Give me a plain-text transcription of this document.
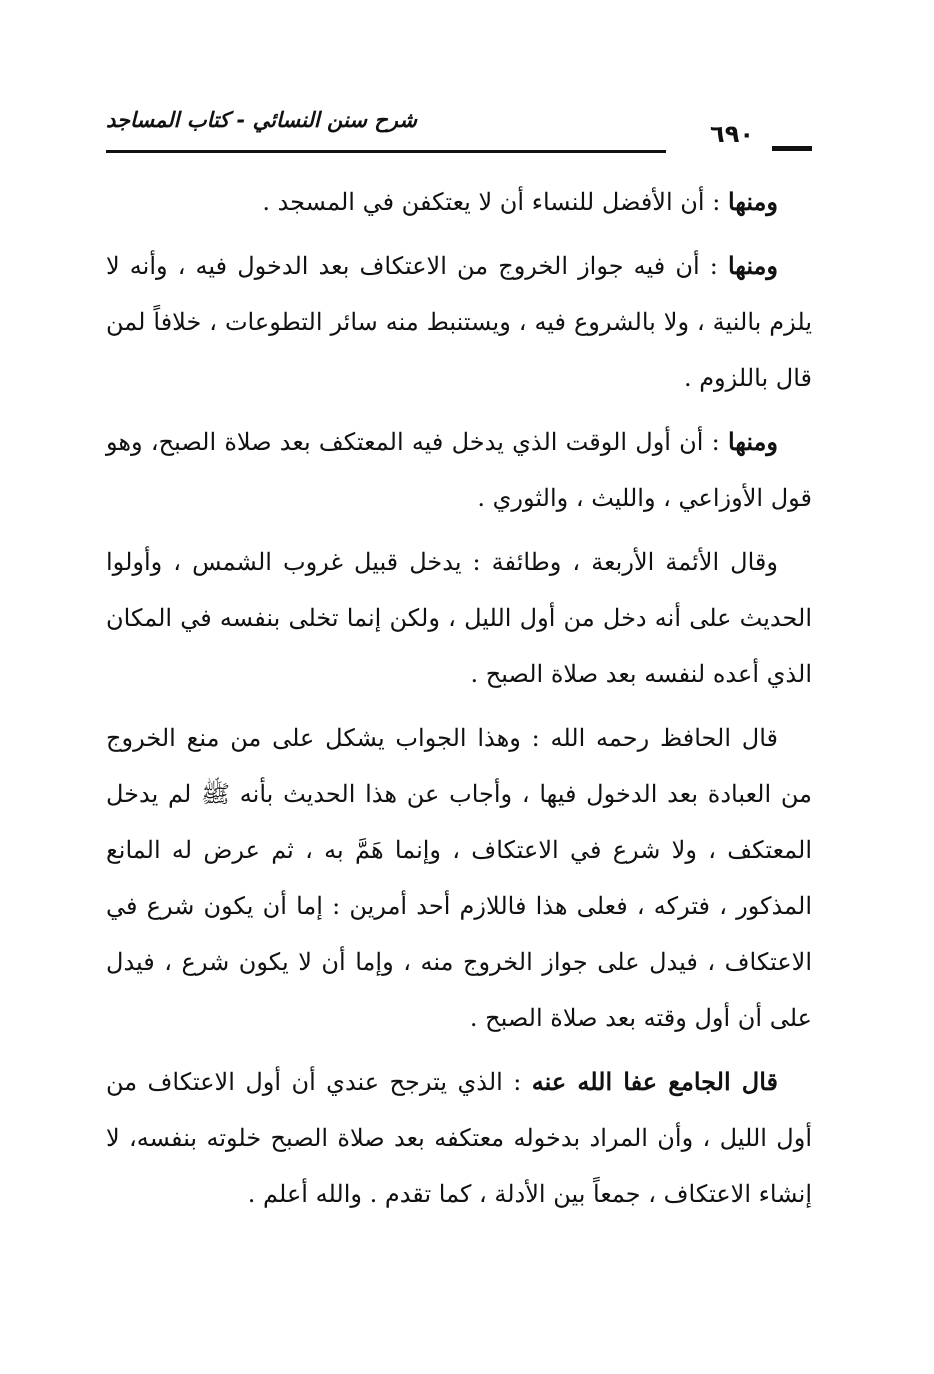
شرح سنن النسائي - كتاب المساجد	٦٩٠

ومنها : أن الأفضل للنساء أن لا يعتكفن في المسجد .

ومنها : أن فيه جواز الخروج من الاعتكاف بعد الدخول فيه ، وأنه لا يلزم بالنية ، ولا بالشروع فيه ، ويستنبط منه سائر التطوعات ، خلافاً لمن قال باللزوم .

ومنها : أن أول الوقت الذي يدخل فيه المعتكف بعد صلاة الصبح، وهو قول الأوزاعي ، والليث ، والثوري .

وقال الأئمة الأربعة ، وطائفة : يدخل قبيل غروب الشمس ، وأولوا الحديث على أنه دخل من أول الليل ، ولكن إنما تخلى بنفسه في المكان الذي أعده لنفسه بعد صلاة الصبح .

قال الحافظ رحمه الله : وهذا الجواب يشكل على من منع الخروج من العبادة بعد الدخول فيها ، وأجاب عن هذا الحديث بأنه ﷺ لم يدخل المعتكف ، ولا شرع في الاعتكاف ، وإنما هَمَّ به ، ثم عرض له المانع المذكور ، فتركه ، فعلى هذا فاللازم أحد أمرين : إما أن يكون شرع في الاعتكاف ، فيدل على جواز الخروج منه ، وإما أن لا يكون شرع ، فيدل على أن أول وقته بعد صلاة الصبح .

قال الجامع عفا الله عنه : الذي يترجح عندي أن أول الاعتكاف من أول الليل ، وأن المراد بدخوله معتكفه بعد صلاة الصبح خلوته بنفسه، لا إنشاء الاعتكاف ، جمعاً بين الأدلة ، كما تقدم . والله أعلم .
